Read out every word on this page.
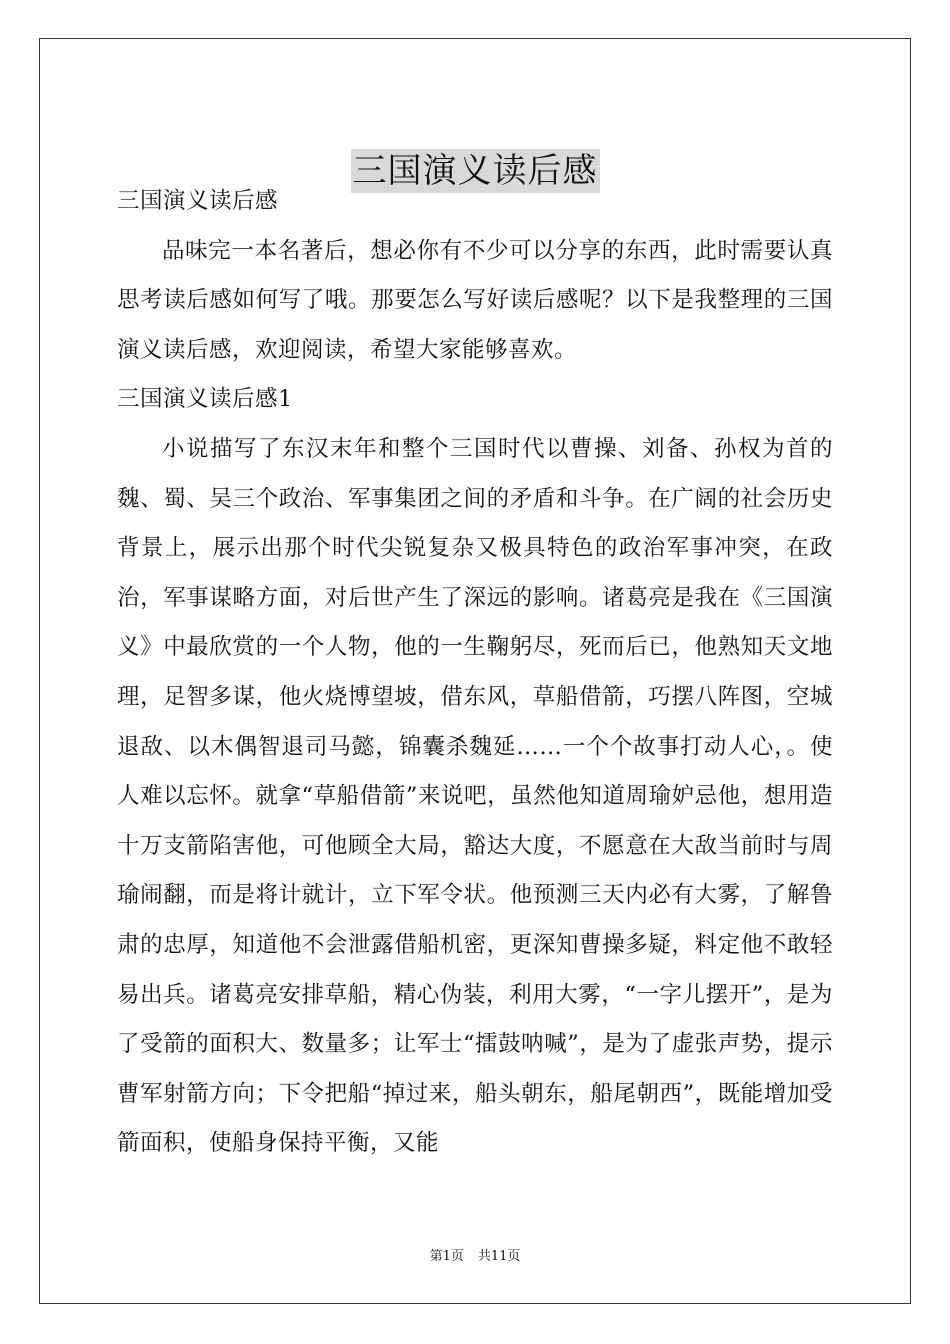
三国演义读后感

三国演义读后感

品味完一本名著后，想必你有不少可以分享的东西，此时需要认真思考读后感如何写了哦。那要怎么写好读后感呢？以下是我整理的三国演义读后感，欢迎阅读，希望大家能够喜欢。

三国演义读后感1

小说描写了东汉末年和整个三国时代以曹操、刘备、孙权为首的魏、蜀、吴三个政治、军事集团之间的矛盾和斗争。在广阔的社会历史背景上，展示出那个时代尖锐复杂又极具特色的政治军事冲突，在政治，军事谋略方面，对后世产生了深远的影响。诸葛亮是我在《三国演义》中最欣赏的一个人物，他的一生鞠躬尽，死而后已，他熟知天文地理，足智多谋，他火烧博望坡，借东风，草船借箭，巧摆八阵图，空城退敌、以木偶智退司马懿，锦囊杀魏延……一个个故事打动人心，。使人难以忘怀。就拿“草船借箭”来说吧，虽然他知道周瑜妒忌他，想用造十万支箭陷害他，可他顾全大局，豁达大度，不愿意在大敌当前时与周瑜闹翻，而是将计就计，立下军令状。他预测三天内必有大雾，了解鲁肃的忠厚，知道他不会泄露借船机密，更深知曹操多疑，料定他不敢轻易出兵。诸葛亮安排草船，精心伪装，利用大雾，“一字儿摆开”，是为了受箭的面积大、数量多；让军士“擂鼓呐喊”，是为了虚张声势，提示曹军射箭方向；下令把船“掉过来，船头朝东，船尾朝西”，既能增加受箭面积，使船身保持平衡，又能

第1页 共11页
